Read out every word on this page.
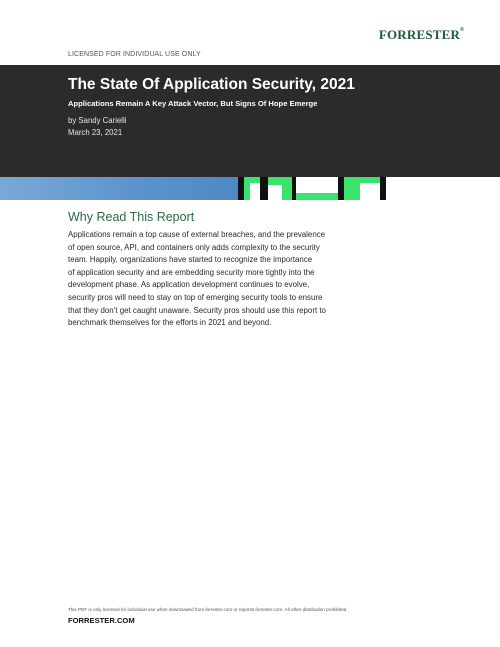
FORRESTER®
LICENSED FOR INDIVIDUAL USE ONLY
The State Of Application Security, 2021
Applications Remain A Key Attack Vector, But Signs Of Hope Emerge
by Sandy Carielli
March 23, 2021
Why Read This Report
Applications remain a top cause of external breaches, and the prevalence
of open source, API, and containers only adds complexity to the security
team. Happily, organizations have started to recognize the importance
of application security and are embedding security more tightly into the
development phase. As application development continues to evolve,
security pros will need to stay on top of emerging security tools to ensure
that they don’t get caught unaware. Security pros should use this report to
benchmark themselves for the efforts in 2021 and beyond.
This PDF is only licensed for individual use when downloaded from forrester.com or reprints.forrester.com. All other distribution prohibited.
FORRESTER.COM
